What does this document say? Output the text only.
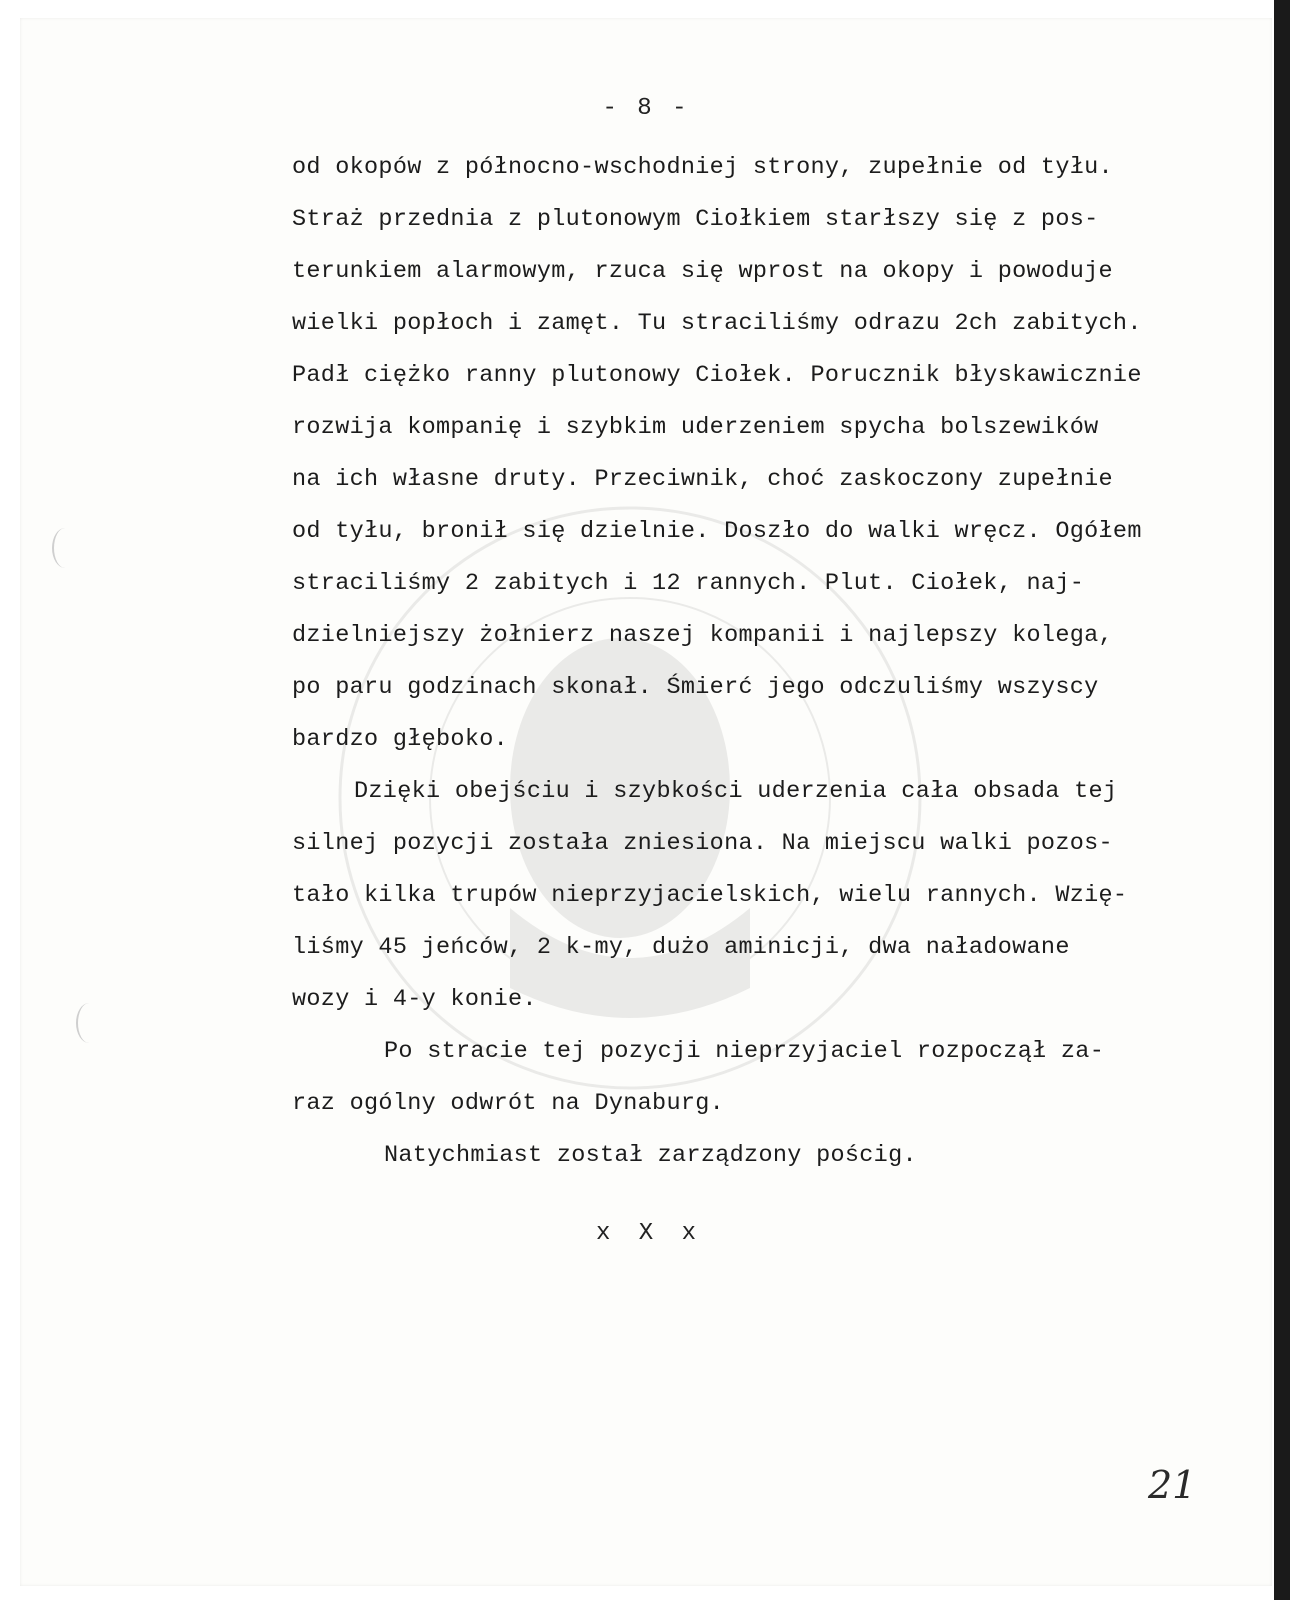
- 8 -
od okopów z północno-wschodniej strony, zupełnie od tyłu.
Straż przednia z plutonowym Ciołkiem starłszy się z pos-
terunkiem alarmowym, rzuca się wprost na okopy i powoduje
wielki popłoch i zamęt. Tu straciliśmy odrazu 2ch zabitych.
Padł ciężko ranny plutonowy Ciołek. Porucznik błyskawicznie
rozwija kompanię i szybkim uderzeniem spycha bolszewików
na ich własne druty. Przeciwnik, choć zaskoczony zupełnie
od tyłu, bronił się dzielnie. Doszło do walki wręcz. Ogółem
straciliśmy 2 zabitych i 12 rannych. Plut. Ciołek, naj-
dzielniejszy żołnierz naszej kompanii i najlepszy kolega,
po paru godzinach skonał. Śmierć jego odczuliśmy wszyscy
bardzo głęboko.
Dzięki obejściu i szybkości uderzenia cała obsada tej
silnej pozycji została zniesiona. Na miejscu walki pozos-
tało kilka trupów nieprzyjacielskich, wielu rannych. Wzię-
liśmy 45 jeńców, 2 k-my, dużo aminicji, dwa naładowane
wozy i 4-y konie.
Po stracie tej pozycji nieprzyjaciel rozpoczął za-
raz ogólny odwrót na Dynaburg.
Natychmiast został zarządzony pościg.
x X x
21
